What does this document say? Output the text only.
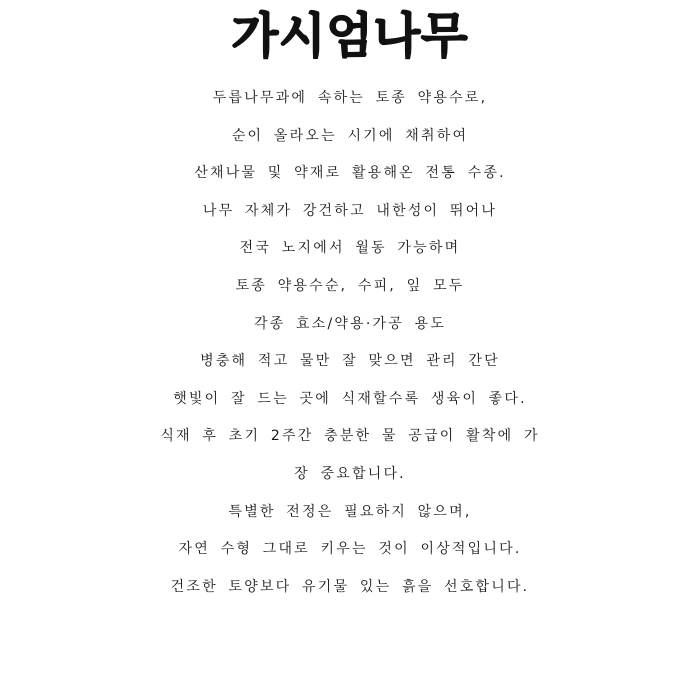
가시엄나무
두릅나무과에 속하는 토종 약용수로,
순이 올라오는 시기에 채취하여
산채나물 및 약재로 활용해온 전통 수종.
나무 자체가 강건하고 내한성이 뛰어나
전국 노지에서 월동 가능하며
토종 약용수순, 수피, 잎 모두
각종 효소/약용·가공 용도
병충해 적고 물만 잘 맞으면 관리 간단
햇빛이 잘 드는 곳에 식재할수록 생육이 좋다.
식재 후 초기 2주간 충분한 물 공급이 활착에 가
장 중요합니다.
특별한 전정은 필요하지 않으며,
자연 수형 그대로 키우는 것이 이상적입니다.
건조한 토양보다 유기물 있는 흙을 선호합니다.
